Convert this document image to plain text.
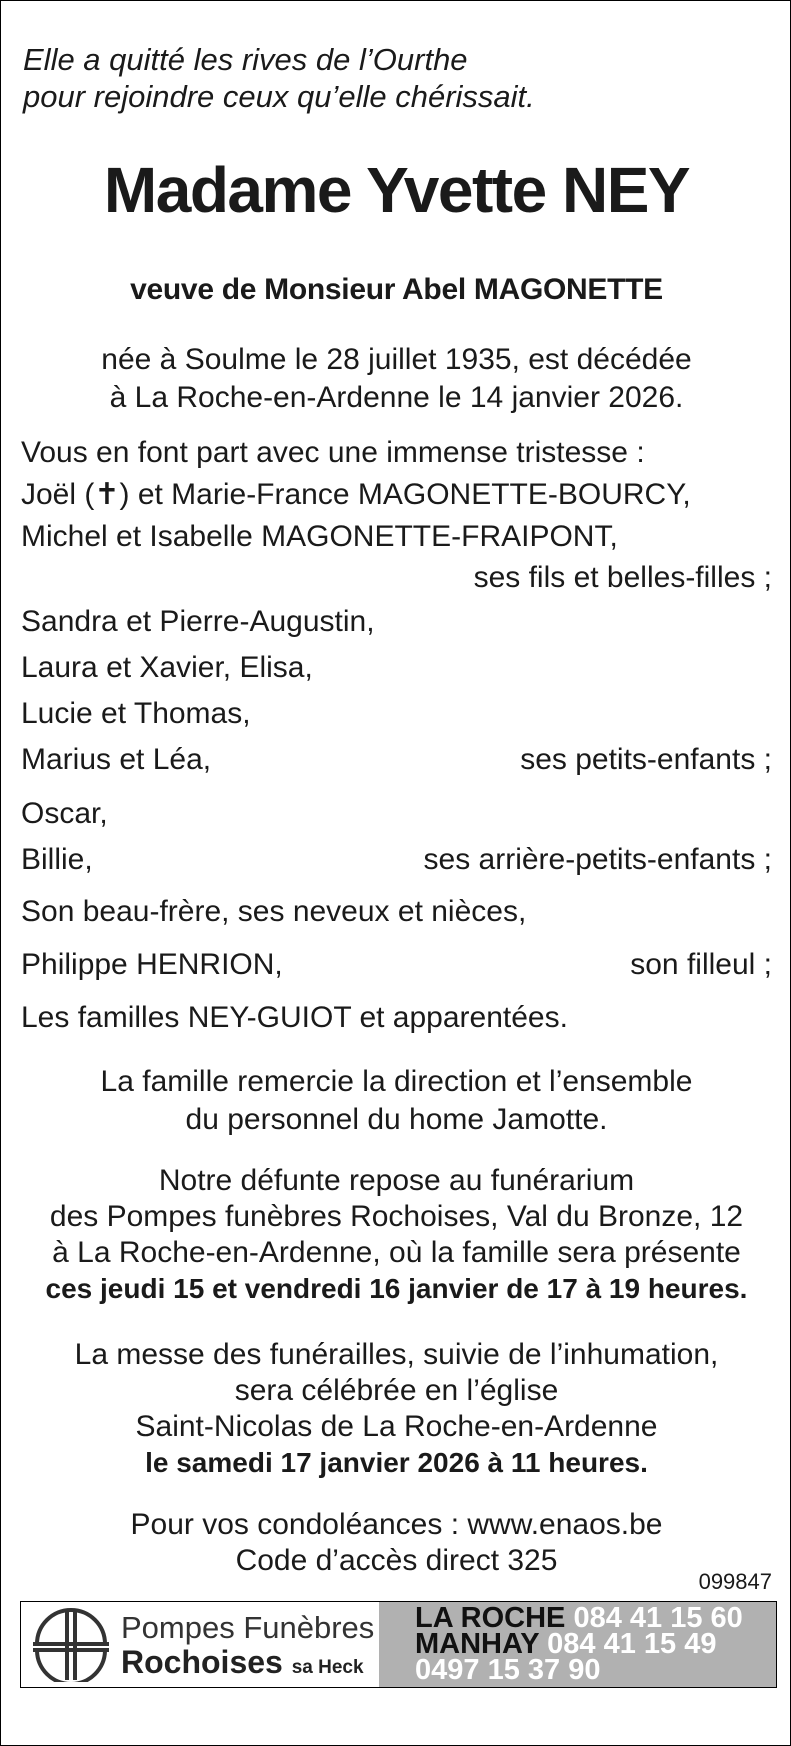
Elle a quitté les rives de l’Ourthe
pour rejoindre ceux qu’elle chérissait.
Madame Yvette NEY
veuve de Monsieur Abel MAGONETTE
née à Soulme le 28 juillet 1935, est décédée
à La Roche-en-Ardenne le 14 janvier 2026.
Vous en font part avec une immense tristesse :
Joël (✝) et Marie-France MAGONETTE-BOURCY,
Michel et Isabelle MAGONETTE-FRAIPONT,
ses fils et belles-filles ;
Sandra et Pierre-Augustin,
Laura et Xavier, Elisa,
Lucie et Thomas,
Marius et Léa,	ses petits-enfants ;
Oscar,
Billie,	ses arrière-petits-enfants ;
Son beau-frère, ses neveux et nièces,
Philippe HENRION,	son filleul ;
Les familles NEY-GUIOT et apparentées.
La famille remercie la direction et l’ensemble
du personnel du home Jamotte.
Notre défunte repose au funérarium
des Pompes funèbres Rochoises, Val du Bronze, 12
à La Roche-en-Ardenne, où la famille sera présente
ces jeudi 15 et vendredi 16 janvier de 17 à 19 heures.
La messe des funérailles, suivie de l’inhumation,
sera célébrée en l’église
Saint-Nicolas de La Roche-en-Ardenne
le samedi 17 janvier 2026 à 11 heures.
Pour vos condoléances : www.enaos.be
Code d’accès direct 325
099847
Pompes Funèbres
Rochoises sa Heck
LA ROCHE 084 41 15 60
MANHAY 084 41 15 49
0497 15 37 90
